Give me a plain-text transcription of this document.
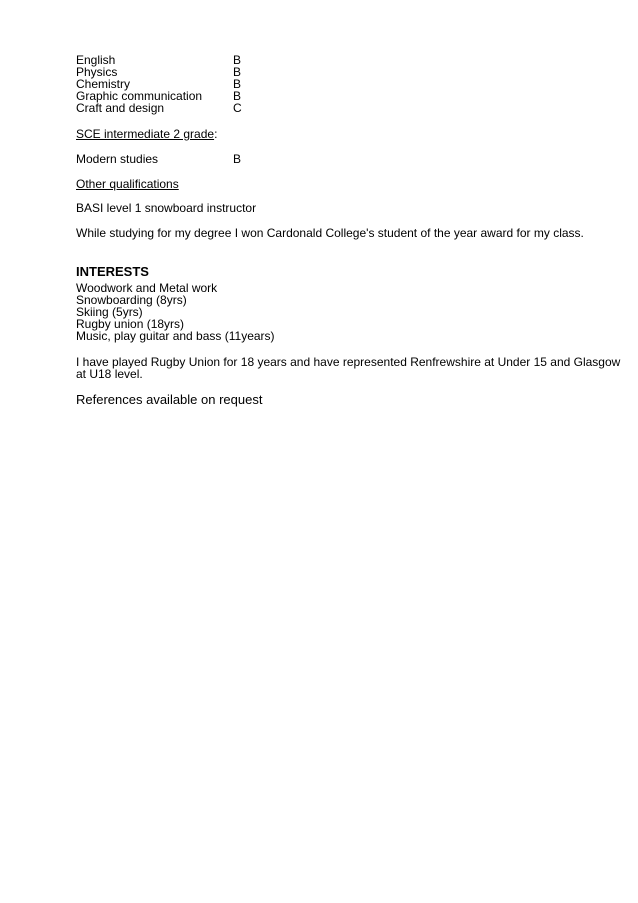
English	B
Physics	B
Chemistry	B
Graphic communication	B
Craft and design	C
SCE intermediate 2 grade:
Modern studies	B
Other qualifications
BASI level 1 snowboard instructor
While studying for my degree I won Cardonald College's student of the year award for my class.
INTERESTS
Woodwork and Metal work
Snowboarding (8yrs)
Skiing (5yrs)
Rugby union (18yrs)
Music, play guitar and bass (11years)
I have played Rugby Union for 18 years and have represented Renfrewshire at Under 15 and Glasgow
at U18 level.
References available on request
